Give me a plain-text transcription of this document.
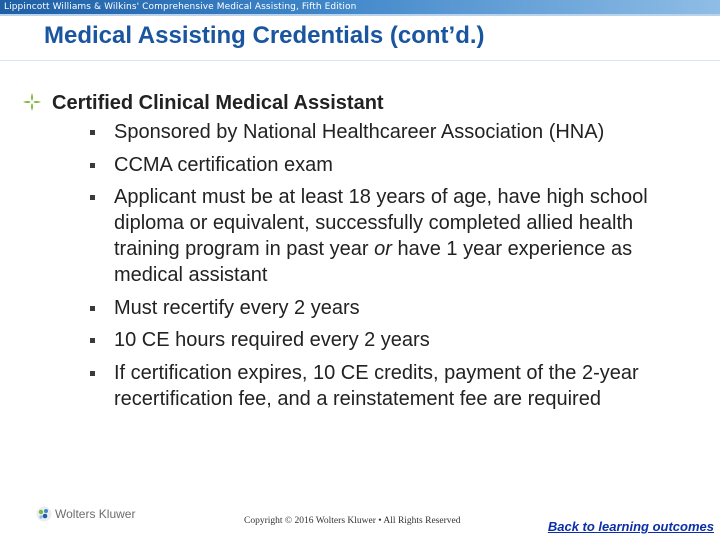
Lippincott Williams & Wilkins' Comprehensive Medical Assisting, Fifth Edition
Medical Assisting Credentials (cont’d.)
Certified Clinical Medical Assistant
Sponsored by National Healthcareer Association (HNA)
CCMA certification exam
Applicant must be at least 18 years of age, have high school diploma or equivalent, successfully completed allied health training program in past year or have 1 year experience as medical assistant
Must recertify every 2 years
10 CE hours required every 2 years
If certification expires, 10 CE credits, payment of the 2-year recertification fee, and a reinstatement fee are required
Wolters Kluwer	Copyright © 2016 Wolters Kluwer • All Rights Reserved	Back to learning outcomes
